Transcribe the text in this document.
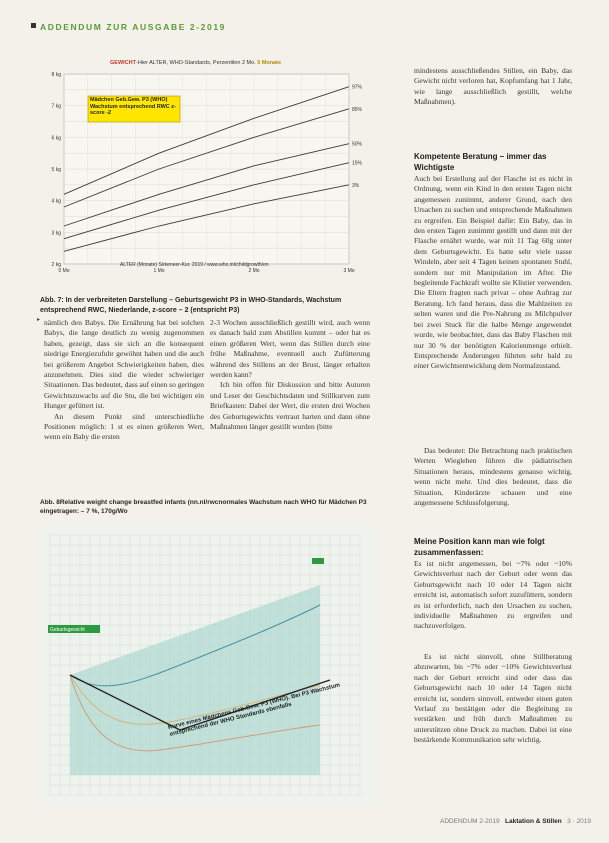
ADDENDUM ZUR AUSGABE 2-2019
GEWICHT-Hier ALTER, WHO-Standards, Perzentilen 2 Mo. 5 Monate
8 kg
7 kg
6 kg
5 kg
4 kg
3 kg
2 kg
0 Mo	1 Mo	2 Mo	3 Mo
97%
85%
50%
15%
3%
Mädchen Geb.Gew. P3 (WHO) Wachstum entsprechend RWC z-score -2
ALTER (Monate) Sirkeneer-Kur. 2019 / www.who.int/childgrowth/en
Abb. 7: In der verbreiteten Darstellung – Geburtsgewicht P3 in WHO-Standards, Wachstum entsprechend RWC, Niederlande, z-score – 2 (entspricht P3)
▸ nämlich den Babys. Die Ernährung hat bei solchen Babys, die lange deutlich zu wenig zugenommen haben, gezeigt, dass sie sich an die konsequent niedrige Energiezufuhr gewöhnt haben und die auch bei größerem Angebot Schwierigkeiten haben, dies anzunehmen. Dies sind die wieder schwieriger Situationen. Das bedeutet, dass auf einen so geringen Gewichtszuwachs auf die Stu, die bei wichtigen ein Hunger gefüttert ist.

An diesem Punkt sind unterschiedliche Positionen möglich: 1 st es einen größeren Wert, wenn ein Baby die ersten

2-3 Wochen ausschließlich gestillt wird, auch wenn es danach bald zum Abstillen kommt – oder hat es einen größeren Wert, wenn das Stillen durch eine frühe Maßnahme, eventuell auch Zufütterung während des Stillens an der Brust, länger erhalten werden kann?

Ich bin offen für Diskussion und bitte Autoren und Leser der Geschichtsdaten und Stillkurven zum Briefkasten: Dabei der Wert, die ersten drei Wochen des Geburtsgewichts vertraut harten und dann ohne Maßnahmen länger gestillt wurden (bitte

Abb. 8Relative weight change breastfed infants (nn.nl/rwcnormales Wachstum nach WHO für Mädchen P3 eingetragen: – 7 %, 170g/Wo
Geburtsgewicht
Kurve eines Mädchens Geb.Gew. P3 (WHO). Bei P3 Wachstum entsprechend der WHO Standards ebenfalls
mindestens ausschließendes Stillen, ein Baby, das Gewicht nicht verloren hat, Kopfumfang hat 1 Jahr, wie lange ausschließlich gestillt, welche Maßnahmen).
Kompetente Beratung – immer das Wichtigste
Auch bei Erstellung auf der Flasche ist es nicht in Ordnung, wenn ein Kind in den ersten Tagen nicht angemessen zunimmt, anderer Grund, nach den Ursachen zu suchen und entsprechende Maßnahmen zu ergreifen. Ein Beispiel dafür: Ein Baby, das in den ersten Tagen zunimmt gestillt und dann mit der Flasche ernährt wurde, war mit 11 Tag 60g unter dem Geburtsgewicht. Es hatte sehr viele nasse Windeln, aber seit 4 Tagen keinen spontanen Stuhl, sondern nur mit Manipulation im After. Die begleitende Fachkraft wollte sie Klistier verwenden. Die Eltern fragten nach privat – ohne Auftrag zur Beratung. Ich fand heraus, dass die Mahlzeiten zu selten waren und die Pre-Nahrung zu Milchpulver bei zwei Stuck für die halbe Menge angewendet wurde, wie beobachtet, dass das Baby Flaschen mit nur 30 % der benötigten Kalorienmenge erhielt. Entsprechende Änderungen führten sehr bald zu einer Gewichtsentwicklung dem Normalzustand.
Das bedeutet: Die Betrachtung nach praktischen Werten Wieglehen führen die pädiatrischen Situationen heraus, mindestens genauso wichtig, wenn nicht mehr. Und dies bedeutet, dass die Situation, Kinderärzte schauen und eine angemessene Schlussfolgerung.
Meine Position kann man wie folgt zusammenfassen:
Es ist nicht angemessen, bei ~7% oder ~10% Gewichtsverlust nach der Geburt oder wenn das Geburtsgewicht nach 10 oder 14 Tagen nicht erreicht ist, automatisch sofort zuzufüttern, sondern es ist erforderlich, nach den Ursachen zu suchen, individuelle Maßnahmen zu ergreifen und nachzuverfolgen.
Es ist nicht sinnvoll, ohne Stillberatung abzuwarten, bis ~7% oder ~10% Gewichtsverlust nach der Geburt erreicht sind oder dass das Geburtsgewicht nach 10 oder 14 Tagen nicht erreicht ist, sondern sinnvoll, entweder einen guten Verlauf zu bestätigen oder die Begleitung zu verstärken und früh durch Maßnahmen zu unterstützen ohne Druck zu machen. Dabei ist eine bestärkende Kommunikation sehr wichtig.
ADDENDUM 2-2019 Laktation & Stillen 3 · 2019
